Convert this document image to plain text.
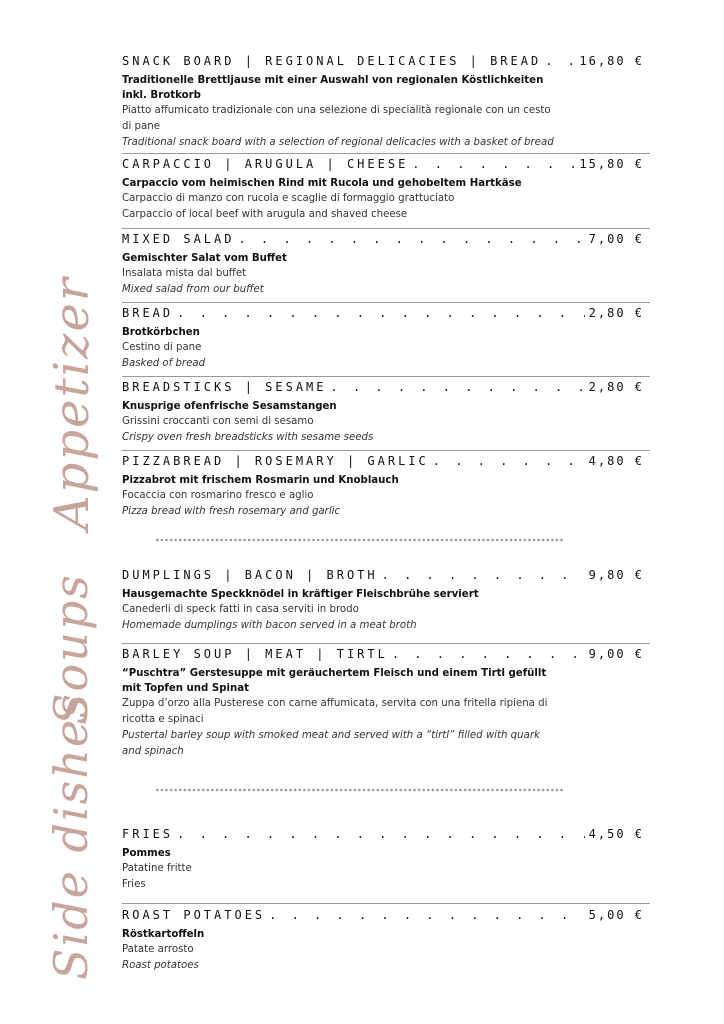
Appetizer
Soups
Side dishes
SNACK BOARD | REGIONAL DELICACIES | BREAD . . .	16,80 €
Traditionelle Brettljause mit einer Auswahl von regionalen Köstlichkeiten inkl. Brotkorb
Piatto affumicato tradizionale con una selezione di specialità regionale con un cesto di pane
Traditional snack board with a selection of regional delicacies with a basket of bread
CARPACCIO | ARUGULA | CHEESE . . .	15,80 €
Carpaccio vom heimischen Rind mit Rucola und gehobeltem Hartkäse
Carpaccio di manzo con rucola e scaglie di formaggio grattuciato
Carpaccio of local beef with arugula and shaved cheese
MIXED SALAD . . .	7,00 €
Gemischter Salat vom Buffet
Insalata mista dal buffet
Mixed salad from our buffet
BREAD . . .	2,80 €
Brotkörbchen
Cestino di pane
Basked of bread
BREADSTICKS | SESAME . . .	2,80 €
Knusprige ofenfrische Sesamstangen
Grissini croccanti con semi di sesamo
Crispy oven fresh breadsticks with sesame seeds
PIZZABREAD | ROSEMARY | GARLIC . . .	4,80 €
Pizzabrot mit frischem Rosmarin und Knoblauch
Focaccia con rosmarino fresco e aglio
Pizza bread with fresh rosemary and garlic
DUMPLINGS | BACON | BROTH . . .	9,80 €
Hausgemachte Speckknödel in kräftiger Fleischbrühe serviert
Canederli di speck fatti in casa serviti in brodo
Homemade dumplings with bacon served in a meat broth
BARLEY SOUP | MEAT | TIRTL . . .	9,00 €
“Puschtra” Gerstesuppe mit geräuchertem Fleisch und einem Tirtl gefüllt mit Topfen und Spinat
Zuppa d’orzo alla Pusterese con carne affumicata, servita con una fritella ripiena di ricotta e spinaci
Pustertal barley soup with smoked meat and served with a “tirtl” filled with quark and spinach
FRIES . . .	4,50 €
Pommes
Patatine fritte
Fries
ROAST POTATOES . . .	5,00 €
Röstkartoffeln
Patate arrosto
Roast potatoes
